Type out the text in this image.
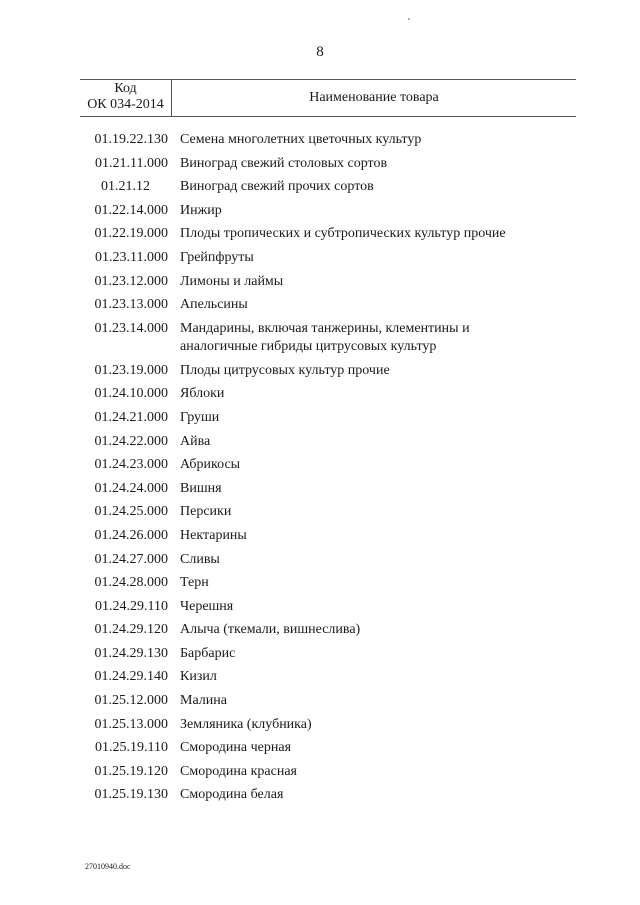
8
Код
ОК 034-2014	Наименование товара
01.19.22.130 Семена многолетних цветочных культур
01.21.11.000 Виноград свежий столовых сортов
01.21.12	Виноград свежий прочих сортов
01.22.14.000 Инжир
01.22.19.000 Плоды тропических и субтропических культур прочие
01.23.11.000 Грейпфруты
01.23.12.000 Лимоны и лаймы
01.23.13.000 Апельсины
01.23.14.000 Мандарины, включая танжерины, клементины и аналогичные гибриды цитрусовых культур
01.23.19.000 Плоды цитрусовых культур прочие
01.24.10.000 Яблоки
01.24.21.000 Груши
01.24.22.000 Айва
01.24.23.000 Абрикосы
01.24.24.000 Вишня
01.24.25.000 Персики
01.24.26.000 Нектарины
01.24.27.000 Сливы
01.24.28.000 Терн
01.24.29.110 Черешня
01.24.29.120 Алыча (ткемали, вишнеслива)
01.24.29.130 Барбарис
01.24.29.140 Кизил
01.25.12.000 Малина
01.25.13.000 Земляника (клубника)
01.25.19.110 Смородина черная
01.25.19.120 Смородина красная
01.25.19.130 Смородина белая
27010940.doc
